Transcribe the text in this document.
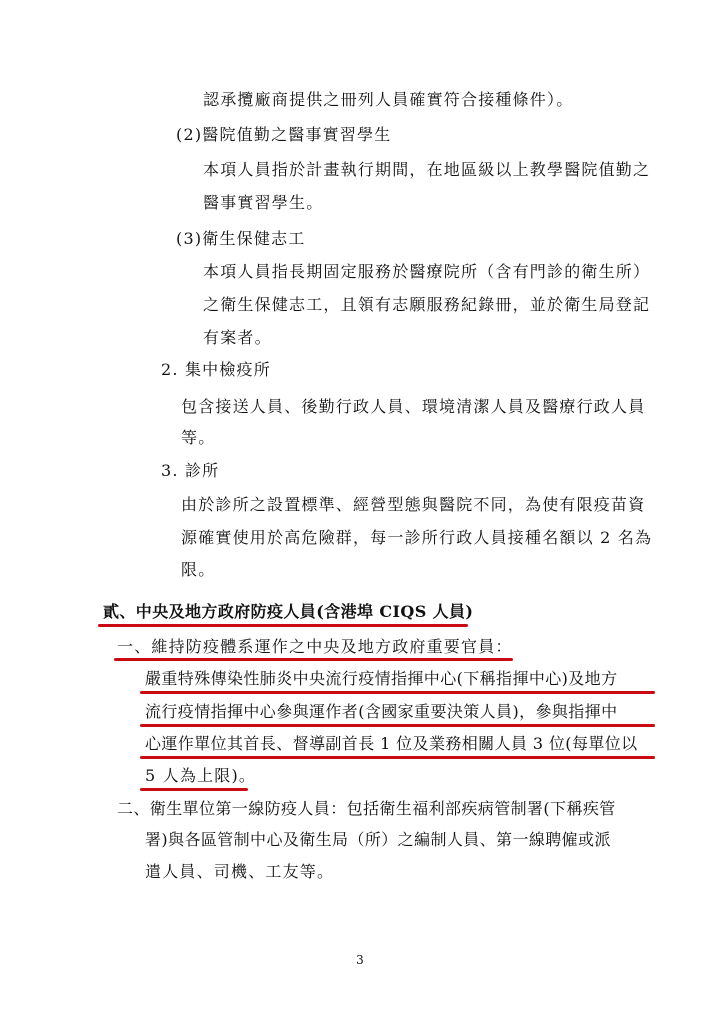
認承攬廠商提供之冊列人員確實符合接種條件）。
(2)醫院值勤之醫事實習學生
本項人員指於計畫執行期間，在地區級以上教學醫院值勤之
醫事實習學生。
(3)衛生保健志工
本項人員指長期固定服務於醫療院所（含有門診的衛生所）
之衛生保健志工，且領有志願服務紀錄冊，並於衛生局登記
有案者。
2. 集中檢疫所
包含接送人員、後勤行政人員、環境清潔人員及醫療行政人員
等。
3. 診所
由於診所之設置標準、經營型態與醫院不同，為使有限疫苗資
源確實使用於高危險群，每一診所行政人員接種名額以 2 名為
限。
貳、中央及地方政府防疫人員(含港埠 CIQS 人員)
一、維持防疫體系運作之中央及地方政府重要官員：
嚴重特殊傳染性肺炎中央流行疫情指揮中心(下稱指揮中心)及地方
流行疫情指揮中心參與運作者(含國家重要決策人員)，參與指揮中
心運作單位其首長、督導副首長 1 位及業務相關人員 3 位(每單位以
5 人為上限)。
二、衛生單位第一線防疫人員：包括衛生福利部疾病管制署(下稱疾管
署)與各區管制中心及衛生局（所）之編制人員、第一線聘僱或派
遣人員、司機、工友等。
3
